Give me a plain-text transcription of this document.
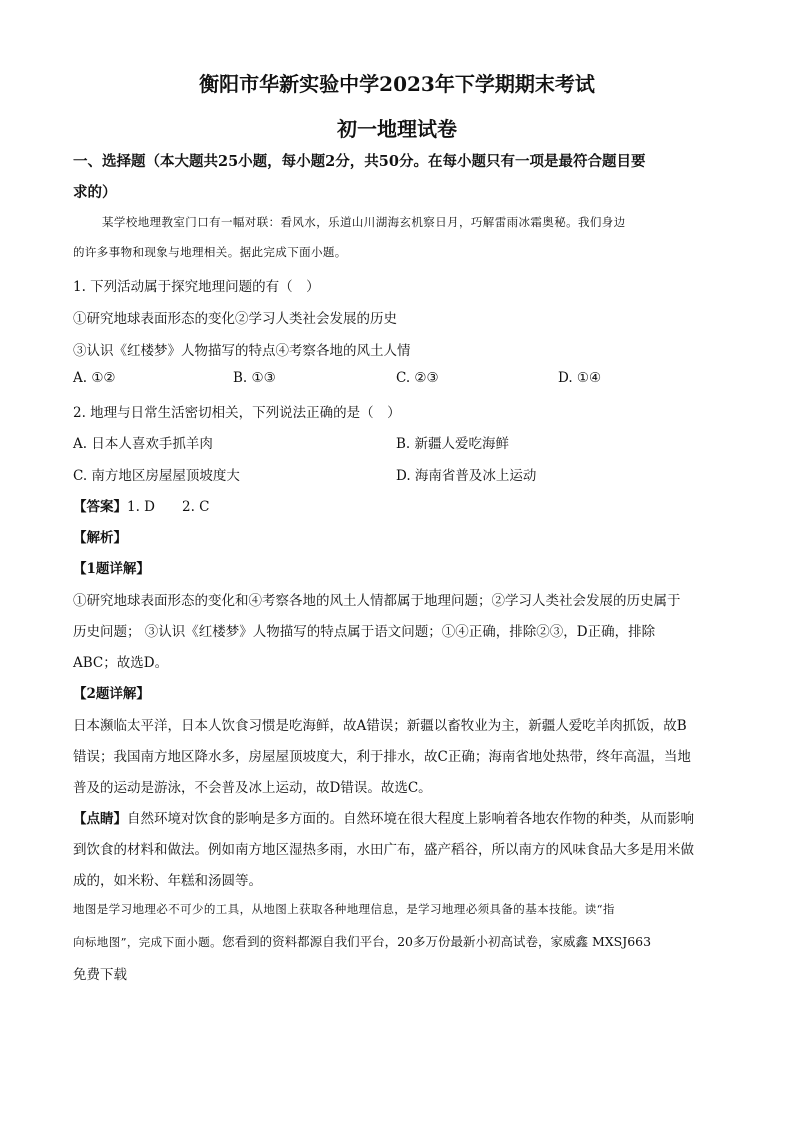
衡阳市华新实验中学2023年下学期期末考试
初一地理试卷
一、选择题（本大题共25小题，每小题2分，共50分。在每小题只有一项是最符合题目要
求的）
某学校地理教室门口有一幅对联：看风水，乐道山川湖海玄机察日月，巧解雷雨冰霜奥秘。我们身边
的许多事物和现象与地理相关。据此完成下面小题。
1. 下列活动属于探究地理问题的有（　）
①研究地球表面形态的变化②学习人类社会发展的历史
③认识《红楼梦》人物描写的特点④考察各地的风土人情
A. ①②	B. ①③	C. ②③	D. ①④
2. 地理与日常生活密切相关，下列说法正确的是（　）
A. 日本人喜欢手抓羊肉	B. 新疆人爱吃海鲜
C. 南方地区房屋屋顶坡度大	D. 海南省普及冰上运动
【答案】1. D　　2. C
【解析】
【1题详解】
①研究地球表面形态的变化和④考察各地的风土人情都属于地理问题；②学习人类社会发展的历史属于
历史问题； ③认识《红楼梦》人物描写的特点属于语文问题；①④正确，排除②③，D正确，排除
ABC；故选D。
【2题详解】
日本濒临太平洋，日本人饮食习惯是吃海鲜，故A错误；新疆以畜牧业为主，新疆人爱吃羊肉抓饭，故B
错误；我国南方地区降水多，房屋屋顶坡度大，利于排水，故C正确；海南省地处热带，终年高温，当地
普及的运动是游泳，不会普及冰上运动，故D错误。故选C。
【点睛】自然环境对饮食的影响是多方面的。自然环境在很大程度上影响着各地农作物的种类，从而影响
到饮食的材料和做法。例如南方地区湿热多雨，水田广布，盛产稻谷，所以南方的风味食品大多是用米做
成的，如米粉、年糕和汤圆等。
地图是学习地理必不可少的工具，从地图上获取各种地理信息，是学习地理必须具备的基本技能。读“指
向标地图”，完成下面小题。您看到的资料都源自我们平台，20多万份最新小初高试卷，家威鑫 MXSJ663
免费下载
